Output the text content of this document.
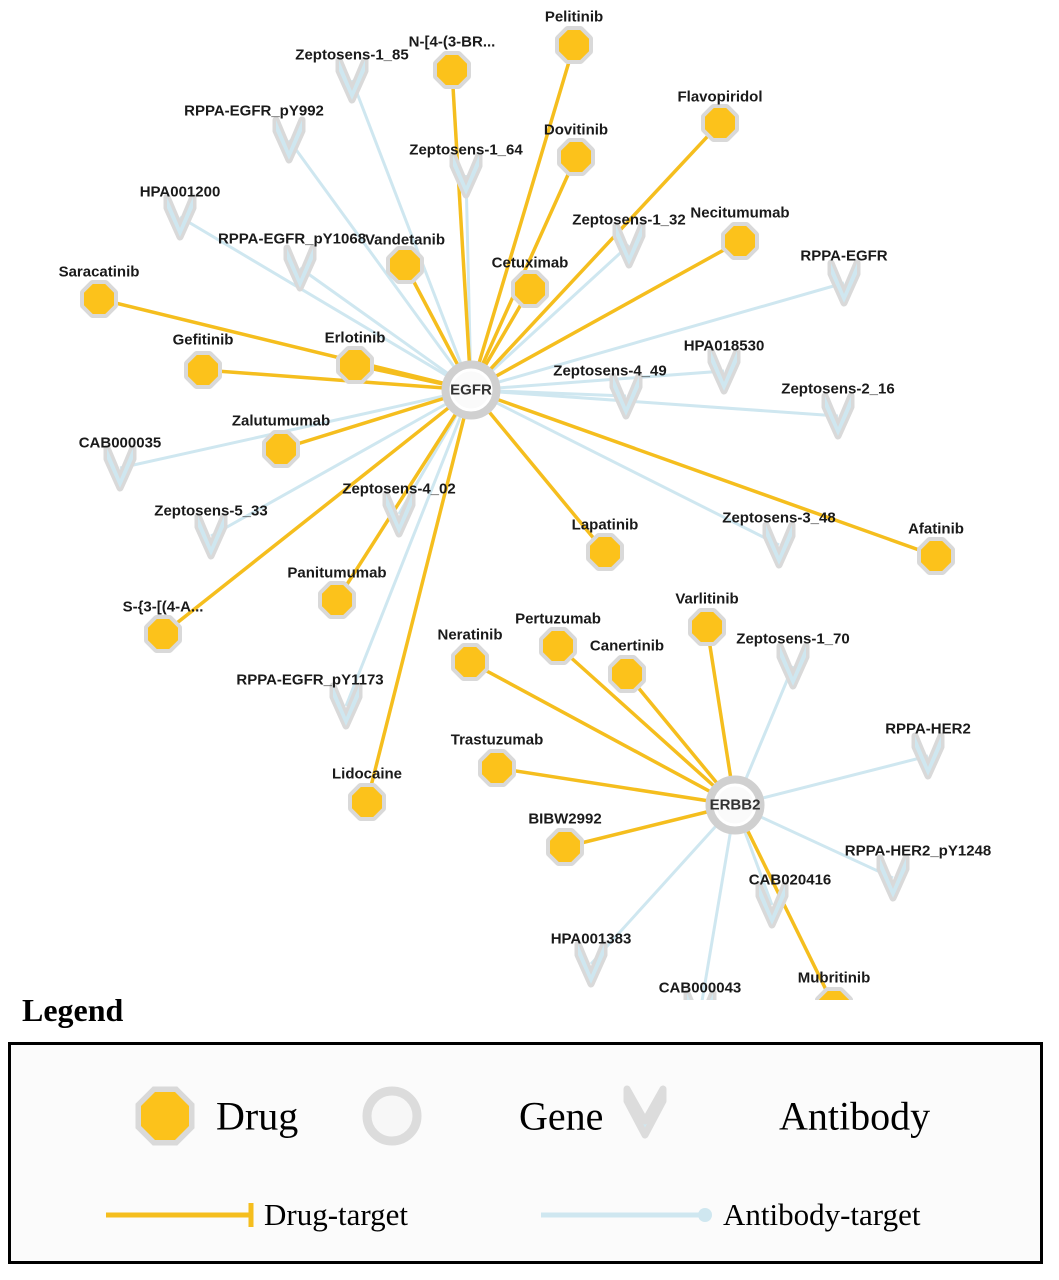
Zeptosens-1_85
RPPA-EGFR_pY992
Zeptosens-1_64
HPA001200
Zeptosens-1_32
RPPA-EGFR_pY1068
RPPA-EGFR
HPA018530
Zeptosens-4_49
Zeptosens-2_16
CAB000035
Zeptosens-4_02
Zeptosens-5_33	Zeptosens-3_48
Zeptosens-1_70
RPPA-EGFR_pY1173
RPPA-HER2
RPPA-HER2_pY1248
CAB020416
HPA001383
CAB000043
Pelitinib
N-[4-(3-BR...
Flavopiridol
Dovitinib
Necitumumab
Vandetanib
Cetuximab
Saracatinib
Gefitinib	Erlotinib
Zalutumumab
Panitumumab
S-{3-[(4-A...
Lidocaine
Lapatinib	Afatinib
Varlitinib
Pertuzumab
Neratinib
Canertinib
Trastuzumab
BIBW2992
Mubritinib
EGFR
ERBB2
Legend
Drug	Gene	Antibody
Drug-target	Antibody-target
